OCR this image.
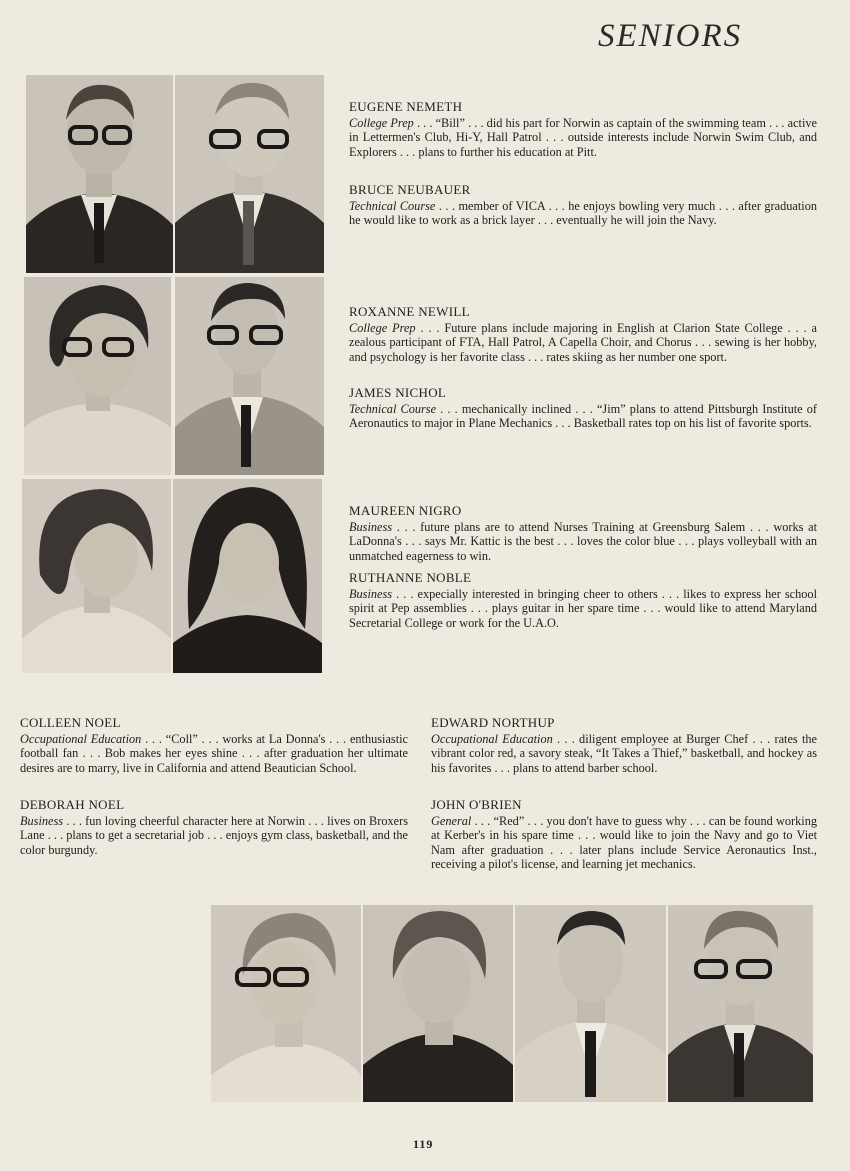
SENIORS
EUGENE NEMETH
College Prep . . . “Bill” . . . did his part for Norwin as captain of the swimming team . . . active in Lettermen's Club, Hi-Y, Hall Patrol . . . outside interests include Norwin Swim Club, and Explorers . . . plans to further his education at Pitt.
BRUCE NEUBAUER
Technical Course . . . member of VICA . . . he enjoys bowling very much . . . after graduation he would like to work as a brick layer . . . eventually he will join the Navy.
ROXANNE NEWILL
College Prep . . . Future plans include majoring in English at Clarion State College . . . a zealous participant of FTA, Hall Patrol, A Capella Choir, and Chorus . . . sewing is her hobby, and psychology is her favorite class . . . rates skiing as her number one sport.
JAMES NICHOL
Technical Course . . . mechanically inclined . . . “Jim” plans to attend Pittsburgh Institute of Aeronautics to major in Plane Mechanics . . . Basketball rates top on his list of favorite sports.
MAUREEN NIGRO
Business . . . future plans are to attend Nurses Training at Greensburg Salem . . . works at LaDonna's . . . says Mr. Kattic is the best . . . loves the color blue . . . plays volleyball with an unmatched eagerness to win.
RUTHANNE NOBLE
Business . . . expecially interested in bringing cheer to others . . . likes to express her school spirit at Pep assemblies . . . plays guitar in her spare time . . . would like to attend Maryland Secretarial College or work for the U.A.O.
COLLEEN NOEL
Occupational Education . . . “Coll” . . . works at La Donna's . . . enthusiastic football fan . . . Bob makes her eyes shine . . . after graduation her ultimate desires are to marry, live in California and attend Beautician School.
DEBORAH NOEL
Business . . . fun loving cheerful character here at Norwin . . . lives on Broxers Lane . . . plans to get a secretarial job . . . enjoys gym class, basketball, and the color burgundy.
EDWARD NORTHUP
Occupational Education . . . diligent employee at Burger Chef . . . rates the vibrant color red, a savory steak, “It Takes a Thief,” basketball, and hockey as his favorites . . . plans to attend barber school.
JOHN O'BRIEN
General . . . “Red” . . . you don't have to guess why . . . can be found working at Kerber's in his spare time . . . would like to join the Navy and go to Viet Nam after graduation . . . later plans include Service Aeronautics Inst., receiving a pilot's license, and learning jet mechanics.
119
